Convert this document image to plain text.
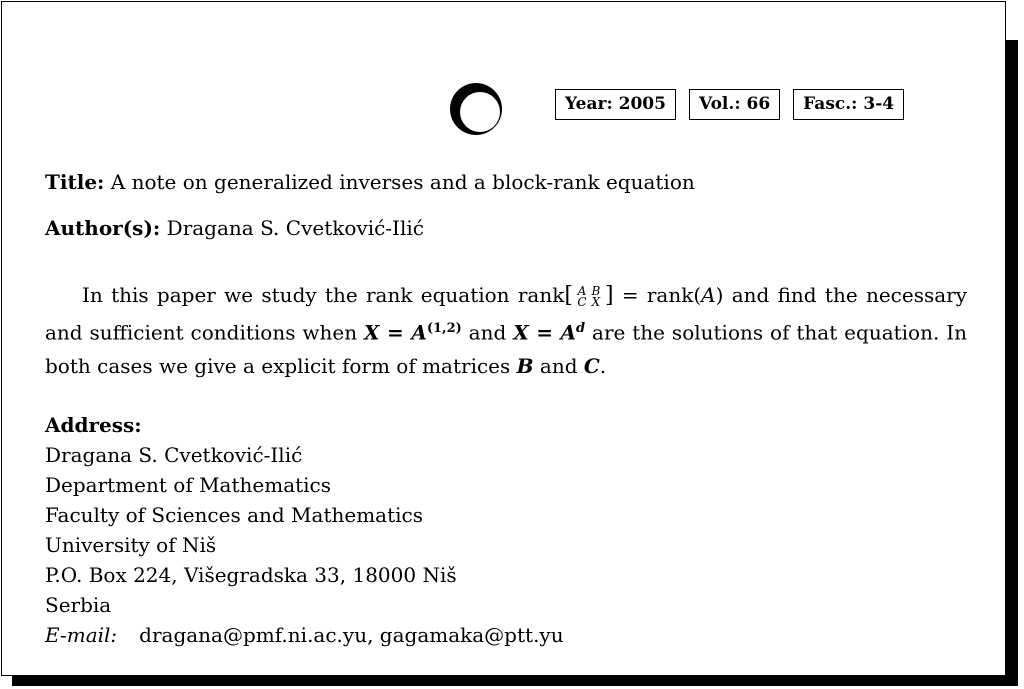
Year: 2005	Vol.: 66	Fasc.: 3-4
Title: A note on generalized inverses and a block-rank equation
Author(s): Dragana S. Cvetković-Ilić
In this paper we study the rank equation rank[ A B
C X ] = rank(A) and find the necessary and sufficient conditions when X = A$^{(1,2)}$ and $X = A^d$ are the solutions of that equation. In both cases we give a explicit form of matrices B and C.
Address:
Dragana S. Cvetković-Ilić
Department of Mathematics
Faculty of Sciences and Mathematics
University of Niš
P.O. Box 224, Višegradska 33, 18000 Niš
Serbia
E-mail: dragana@pmf.ni.ac.yu, gagamaka@ptt.yu
